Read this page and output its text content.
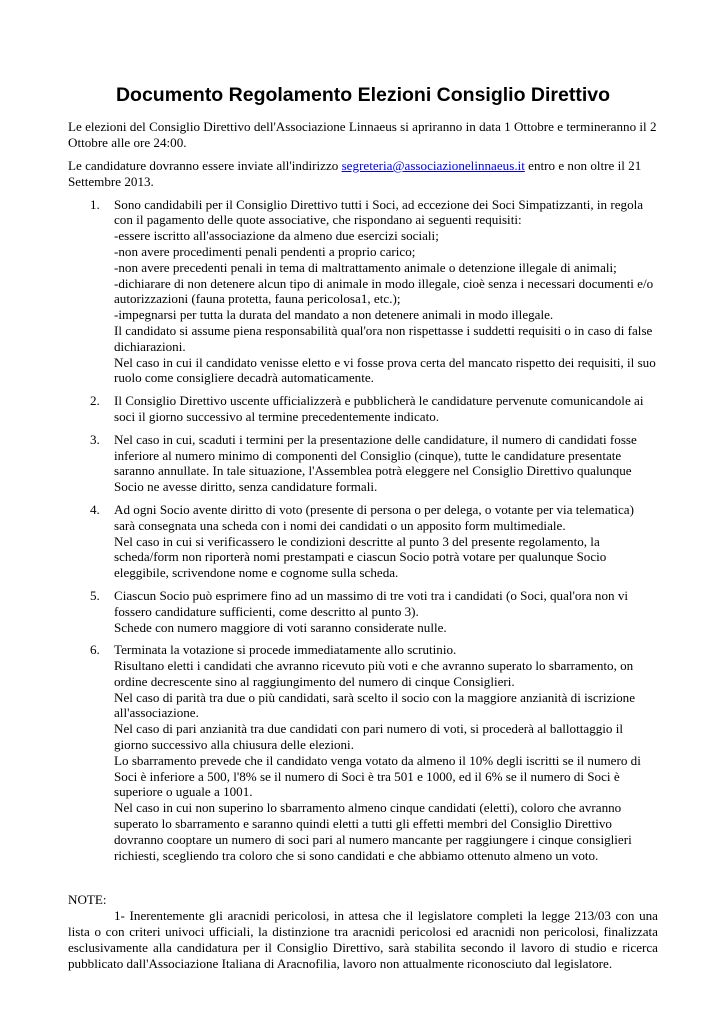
Documento Regolamento Elezioni Consiglio Direttivo

Le elezioni del Consiglio Direttivo dell'Associazione Linnaeus si apriranno in data 1 Ottobre e termineranno il 2 Ottobre alle ore 24:00.

Le candidature dovranno essere inviate all'indirizzo segreteria@associazionelinnaeus.it entro e non oltre il 21 Settembre 2013.

1. Sono candidabili per il Consiglio Direttivo tutti i Soci, ad eccezione dei Soci Simpatizzanti, in regola con il pagamento delle quote associative, che rispondano ai seguenti requisiti:
-essere iscritto all'associazione da almeno due esercizi sociali;
-non avere procedimenti penali pendenti a proprio carico;
-non avere precedenti penali in tema di maltrattamento animale o detenzione illegale di animali;
-dichiarare di non detenere alcun tipo di animale in modo illegale, cioè senza i necessari documenti e/o autorizzazioni (fauna protetta, fauna pericolosa1, etc.);
-impegnarsi per tutta la durata del mandato a non detenere animali in modo illegale.
Il candidato si assume piena responsabilità qual'ora non rispettasse i suddetti requisiti o in caso di false dichiarazioni.
Nel caso in cui il candidato venisse eletto e vi fosse prova certa del mancato rispetto dei requisiti, il suo ruolo come consigliere decadrà automaticamente.
2. Il Consiglio Direttivo uscente ufficializzerà e pubblicherà le candidature pervenute comunicandole ai soci il giorno successivo al termine precedentemente indicato.
3. Nel caso in cui, scaduti i termini per la presentazione delle candidature, il numero di candidati fosse inferiore al numero minimo di componenti del Consiglio (cinque), tutte le candidature presentate saranno annullate. In tale situazione, l'Assemblea potrà eleggere nel Consiglio Direttivo qualunque Socio ne avesse diritto, senza candidature formali.
4. Ad ogni Socio avente diritto di voto (presente di persona o per delega, o votante per via telematica) sarà consegnata una scheda con i nomi dei candidati o un apposito form multimediale.
Nel caso in cui si verificassero le condizioni descritte al punto 3 del presente regolamento, la scheda/form non riporterà nomi prestampati e ciascun Socio potrà votare per qualunque Socio eleggibile, scrivendone nome e cognome sulla scheda.
5. Ciascun Socio può esprimere fino ad un massimo di tre voti tra i candidati (o Soci, qual'ora non vi fossero candidature sufficienti, come descritto al punto 3).
Schede con numero maggiore di voti saranno considerate nulle.
6. Terminata la votazione si procede immediatamente allo scrutinio.
Risultano eletti i candidati che avranno ricevuto più voti e che avranno superato lo sbarramento, on ordine decrescente sino al raggiungimento del numero di cinque Consiglieri.
Nel caso di parità tra due o più candidati, sarà scelto il socio con la maggiore anzianità di iscrizione all'associazione.
Nel caso di pari anzianità tra due candidati con pari numero di voti, si procederà al ballottaggio il giorno successivo alla chiusura delle elezioni.
Lo sbarramento prevede che il candidato venga votato da almeno il 10% degli iscritti se il numero di Soci è inferiore a 500, l'8% se il numero di Soci è tra 501 e 1000, ed il 6% se il numero di Soci è superiore o uguale a 1001.
Nel caso in cui non superino lo sbarramento almeno cinque candidati (eletti), coloro che avranno superato lo sbarramento e saranno quindi eletti a tutti gli effetti membri del Consiglio Direttivo dovranno cooptare un numero di soci pari al numero mancante per raggiungere i cinque consiglieri richiesti, scegliendo tra coloro che si sono candidati e che abbiamo ottenuto almeno un voto.

NOTE:

1- Inerentemente gli aracnidi pericolosi, in attesa che il legislatore completi la legge 213/03 con una lista o con criteri univoci ufficiali, la distinzione tra aracnidi pericolosi ed aracnidi non pericolosi, finalizzata esclusivamente alla candidatura per il Consiglio Direttivo, sarà stabilita secondo il lavoro di studio e ricerca pubblicato dall'Associazione Italiana di Aracnofilia, lavoro non attualmente riconosciuto dal legislatore.
